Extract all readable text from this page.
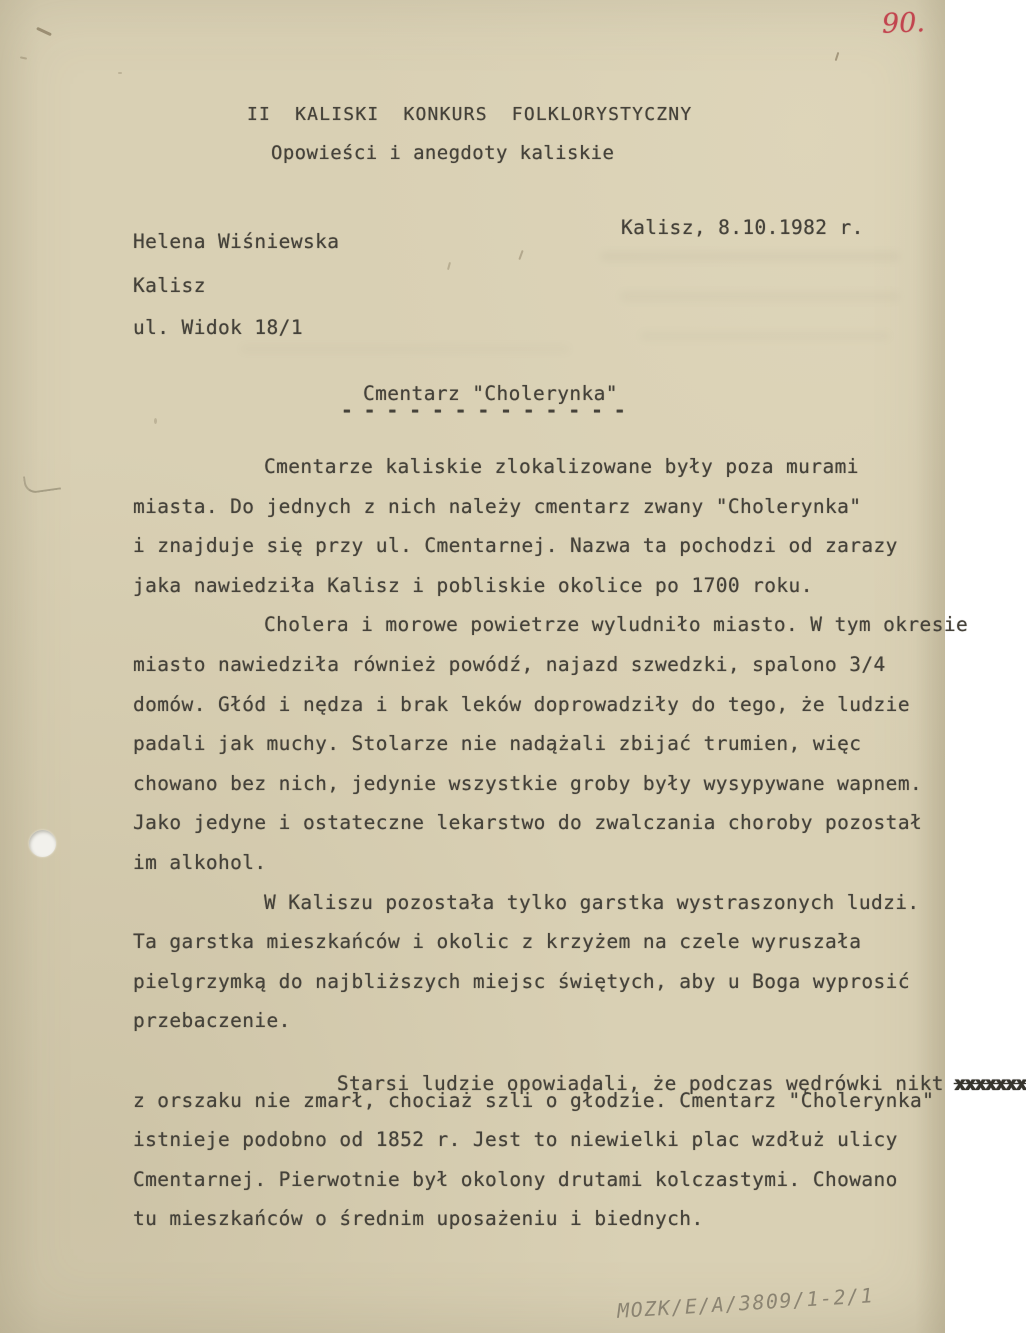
90.
II  KALISKI  KONKURS  FOLKLORYSTYCZNY
Opowieści i anegdoty kaliskie
Kalisz, 8.10.1982 r.
Helena Wiśniewska
Kalisz
ul. Widok 18/1
Cmentarz "Cholerynka"
-------------
Cmentarze kaliskie zlokalizowane były poza murami
miasta. Do jednych z nich należy cmentarz zwany "Cholerynka"
i znajduje się przy ul. Cmentarnej. Nazwa ta pochodzi od zarazy
jaka nawiedziła Kalisz i pobliskie okolice po 1700 roku.
Cholera i morowe powietrze wyludniło miasto. W tym okresie
miasto nawiedziła również powódź, najazd szwedzki, spalono 3/4
domów. Głód i nędza i brak leków doprowadziły do tego, że ludzie
padali jak muchy. Stolarze nie nadążali zbijać trumien, więc
chowano bez nich, jedynie wszystkie groby były wysypywane wapnem.
Jako jedyne i ostateczne lekarstwo do zwalczania choroby pozostał
im alkohol.
W Kaliszu pozostała tylko garstka wystraszonych ludzi.
Ta garstka mieszkańców i okolic z krzyżem na czele wyruszała
pielgrzymką do najbliższych miejsc świętych, aby u Boga wyprosić
przebaczenie.

Starsi ludzie opowiadali, że podczas wędrówki nikt xxxxxxx

z orszaku nie zmarł, chociaż szli o głodzie. Cmentarz "Cholerynka"
istnieje podobno od 1852 r. Jest to niewielki plac wzdłuż ulicy
Cmentarnej. Pierwotnie był okolony drutami kolczastymi. Chowano
tu mieszkańców o średnim uposażeniu i biednych.
MOZK/E/A/3809/1-2/1
